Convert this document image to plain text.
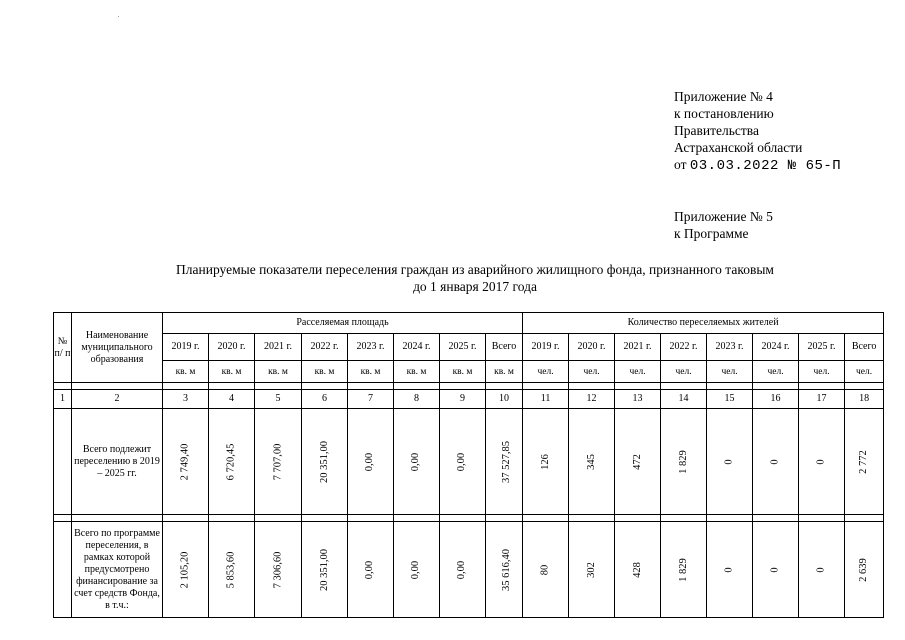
Приложение № 4
к постановлению
Правительства
Астраханской области
от 03.03.2022 № 65-П
Приложение № 5
к Программе
Планируемые показатели переселения граждан из аварийного жилищного фонда, признанного таковым
до 1 января 2017 года
№ п/ п	Наименование муниципального образования	Расселяемая площадь								Количество переселяемых жителей							
		2019 г.	2020 г.	2021 г.	2022 г.	2023 г.	2024 г.	2025 г.	Всего	2019 г.	2020 г.	2021 г.	2022 г.	2023 г.	2024 г.	2025 г.	Всего
		кв. м	кв. м	кв. м	кв. м	кв. м	кв. м	кв. м	кв. м	чел.	чел.	чел.	чел.	чел.	чел.	чел.	чел.

1	2	3	4	5	6	7	8	9	10	11	12	13	14	15	16	17	18
	Всего подлежит переселению в 2019 – 2025 гг.	2 749,40	6 720,45	7 707,00	20 351,00	0,00	0,00	0,00	37 527,85	126	345	472	1 829	0	0	0	2 772

	Всего по программе переселения, в рамках которой предусмотрено финансирование за счет средств Фонда, в т.ч.:	2 105,20	5 853,60	7 306,60	20 351,00	0,00	0,00	0,00	35 616,40	80	302	428	1 829	0	0	0	2 639
